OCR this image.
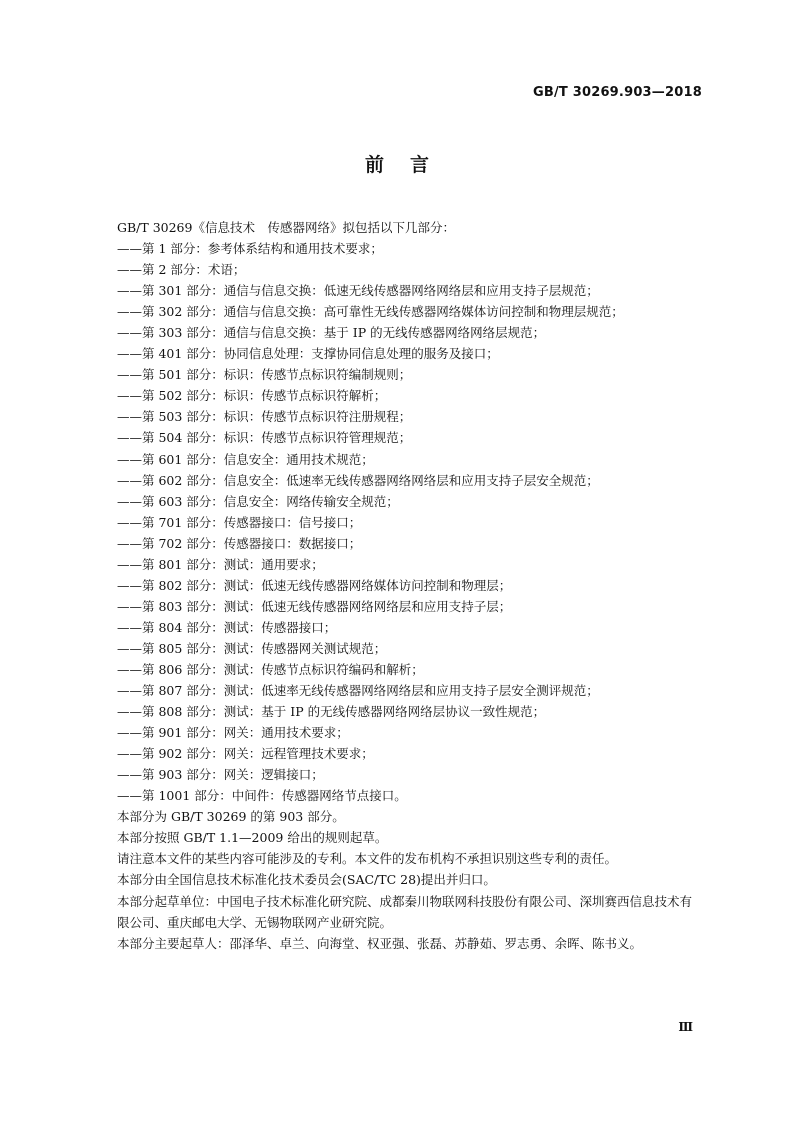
GB/T 30269.903—2018
前言
GB/T 30269《信息技术　传感器网络》拟包括以下几部分：
——第 1 部分：参考体系结构和通用技术要求；
——第 2 部分：术语；
——第 301 部分：通信与信息交换：低速无线传感器网络网络层和应用支持子层规范；
——第 302 部分：通信与信息交换：高可靠性无线传感器网络媒体访问控制和物理层规范；
——第 303 部分：通信与信息交换：基于 IP 的无线传感器网络网络层规范；
——第 401 部分：协同信息处理：支撑协同信息处理的服务及接口；
——第 501 部分：标识：传感节点标识符编制规则；
——第 502 部分：标识：传感节点标识符解析；
——第 503 部分：标识：传感节点标识符注册规程；
——第 504 部分：标识：传感节点标识符管理规范；
——第 601 部分：信息安全：通用技术规范；
——第 602 部分：信息安全：低速率无线传感器网络网络层和应用支持子层安全规范；
——第 603 部分：信息安全：网络传输安全规范；
——第 701 部分：传感器接口：信号接口；
——第 702 部分：传感器接口：数据接口；
——第 801 部分：测试：通用要求；
——第 802 部分：测试：低速无线传感器网络媒体访问控制和物理层；
——第 803 部分：测试：低速无线传感器网络网络层和应用支持子层；
——第 804 部分：测试：传感器接口；
——第 805 部分：测试：传感器网关测试规范；
——第 806 部分：测试：传感节点标识符编码和解析；
——第 807 部分：测试：低速率无线传感器网络网络层和应用支持子层安全测评规范；
——第 808 部分：测试：基于 IP 的无线传感器网络网络层协议一致性规范；
——第 901 部分：网关：通用技术要求；
——第 902 部分：网关：远程管理技术要求；
——第 903 部分：网关：逻辑接口；
——第 1001 部分：中间件：传感器网络节点接口。
本部分为 GB/T 30269 的第 903 部分。
本部分按照 GB/T 1.1—2009 给出的规则起草。
请注意本文件的某些内容可能涉及的专利。本文件的发布机构不承担识别这些专利的责任。
本部分由全国信息技术标准化技术委员会(SAC/TC 28)提出并归口。
本部分起草单位：中国电子技术标准化研究院、成都秦川物联网科技股份有限公司、深圳赛西信息技术有限公司、重庆邮电大学、无锡物联网产业研究院。
本部分主要起草人：邵泽华、卓兰、向海堂、权亚强、张磊、苏静茹、罗志勇、余晖、陈书义。
Ⅲ
